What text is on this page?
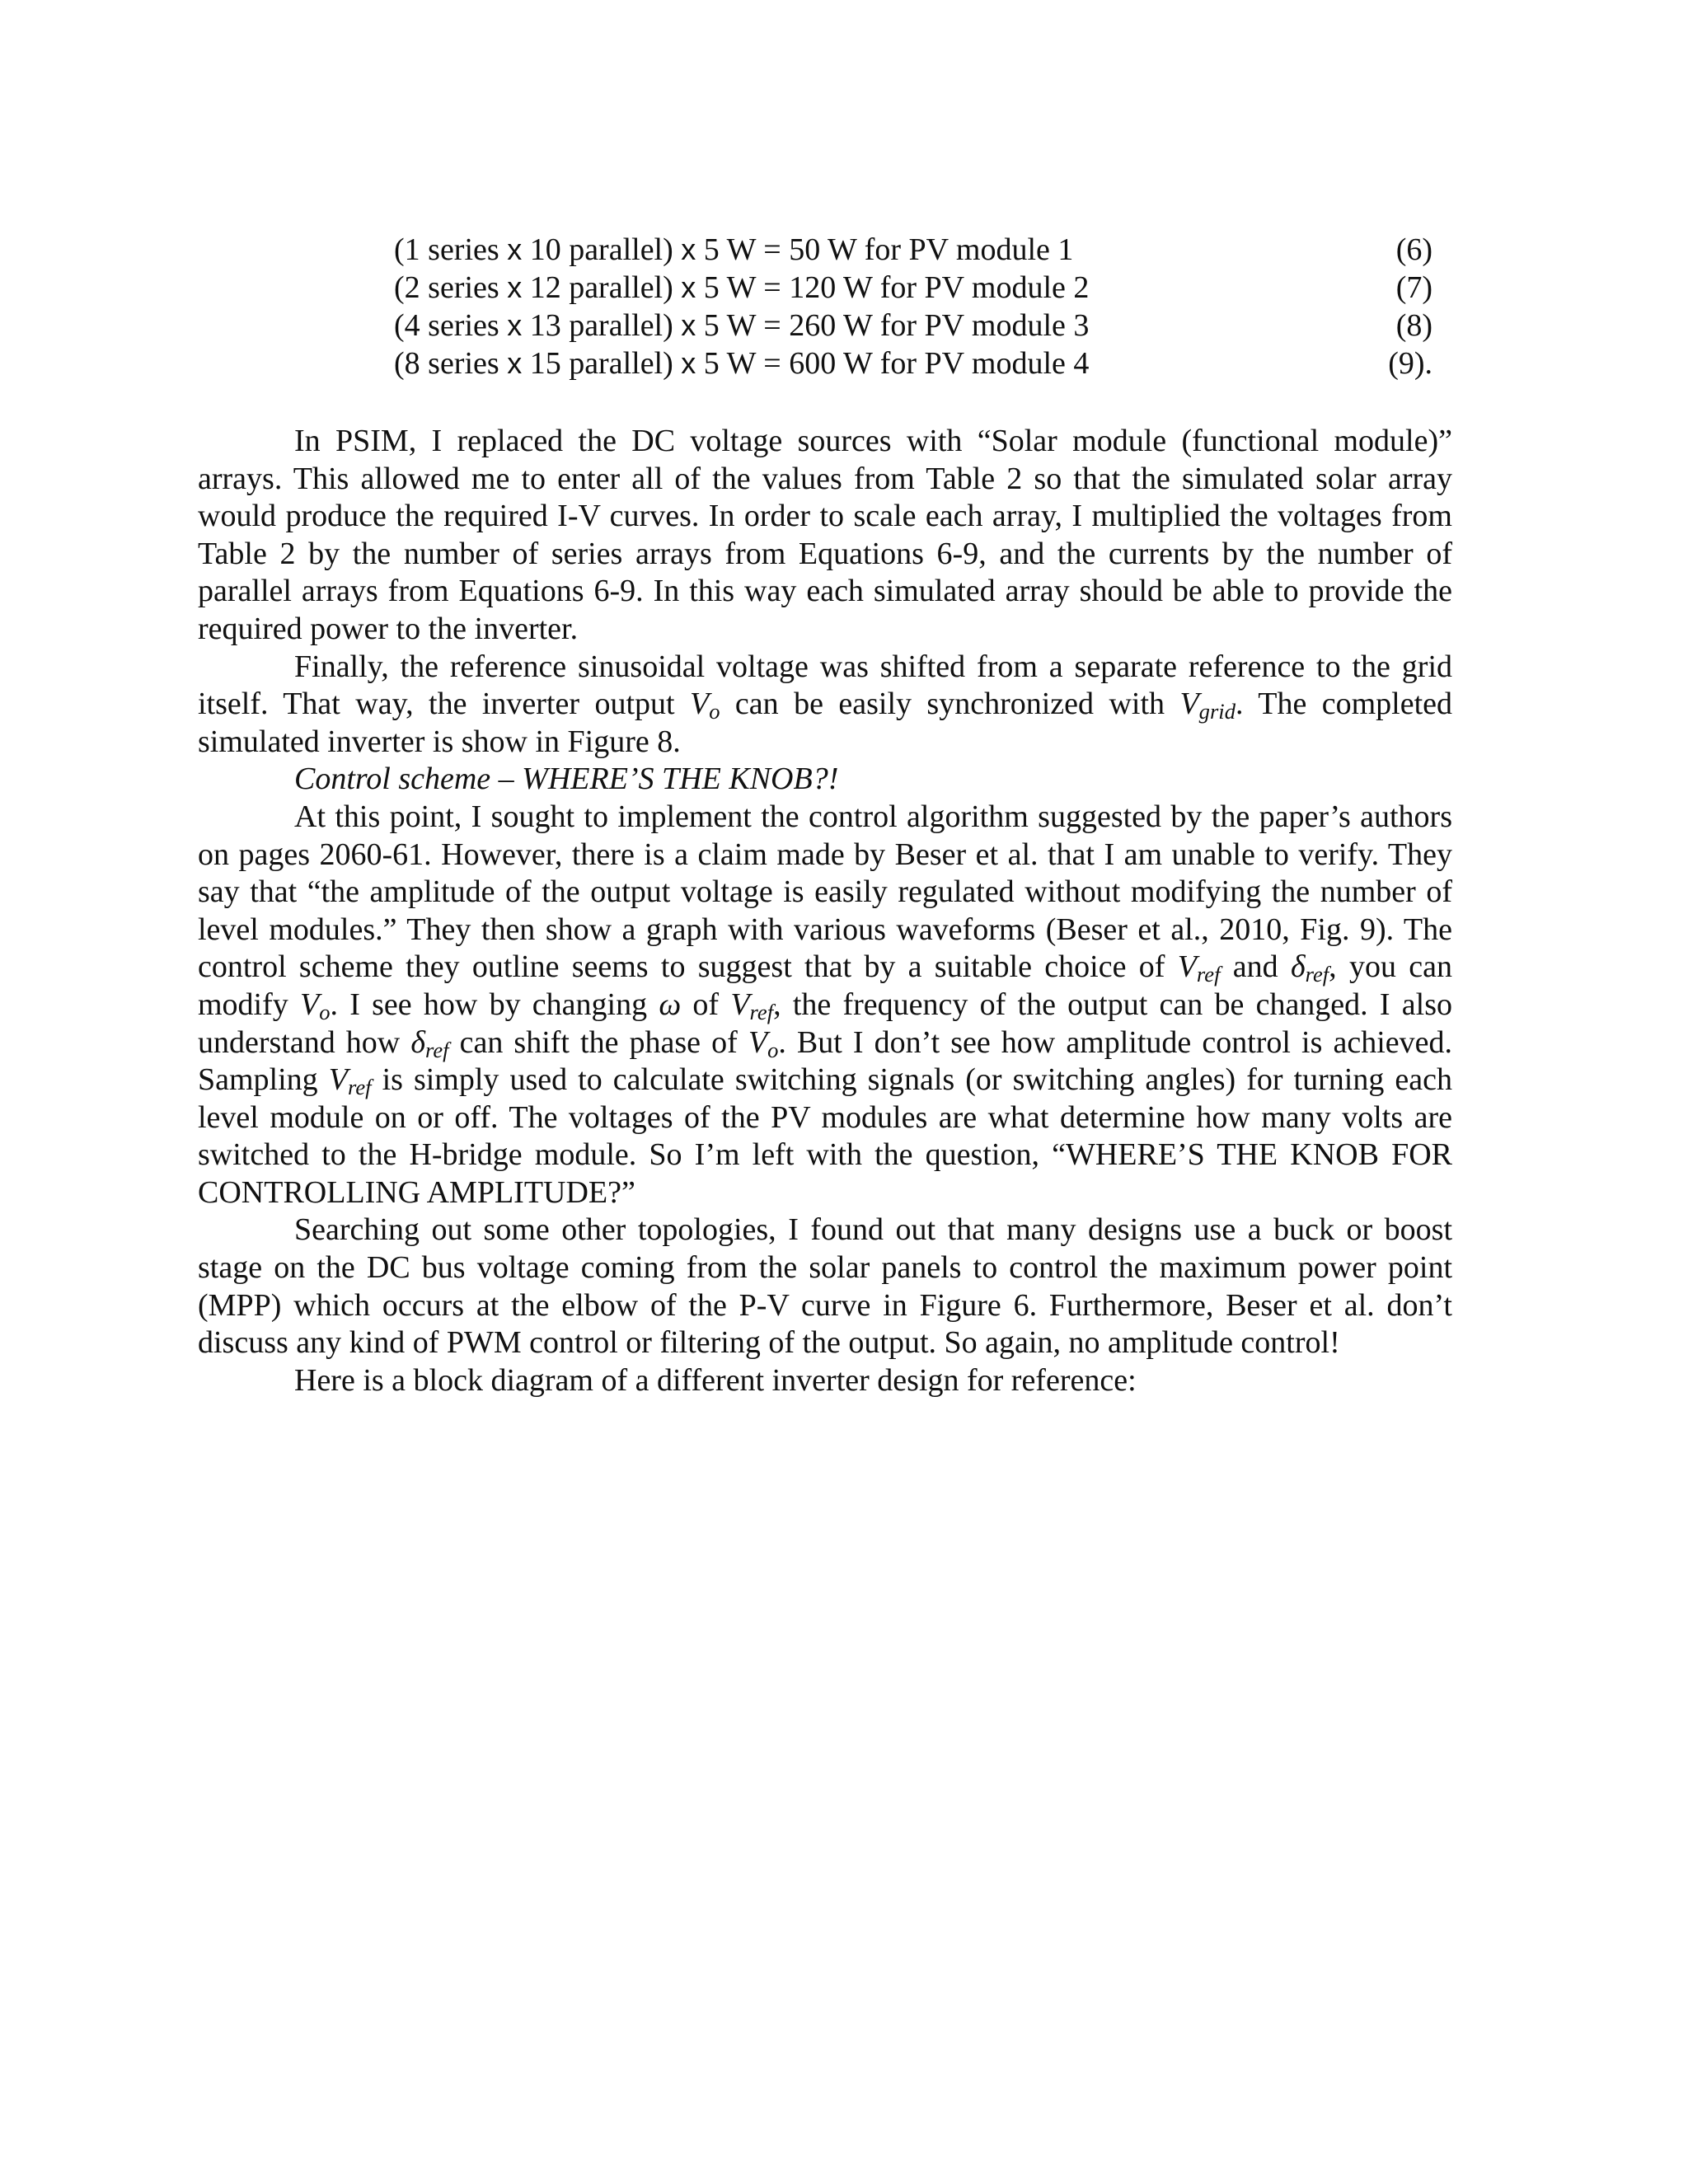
(1 series x 10 parallel) x 5 W = 50 W for PV module 1	(6)
(2 series x 12 parallel) x 5 W = 120 W for PV module 2	(7)
(4 series x 13 parallel) x 5 W = 260 W for PV module 3	(8)
(8 series x 15 parallel) x 5 W = 600 W for PV module 4	(9).

In PSIM, I replaced the DC voltage sources with “Solar module (functional module)” arrays. This allowed me to enter all of the values from Table 2 so that the simulated solar array would produce the required I-V curves. In order to scale each array, I multiplied the voltages from Table 2 by the number of series arrays from Equations 6-9, and the currents by the number of parallel arrays from Equations 6-9. In this way each simulated array should be able to provide the required power to the inverter.

Finally, the reference sinusoidal voltage was shifted from a separate reference to the grid itself. That way, the inverter output $V_o$ can be easily synchronized with $V_{grid}$. The completed simulated inverter is show in Figure 8.

Control scheme – WHERE’S THE KNOB?!

At this point, I sought to implement the control algorithm suggested by the paper’s authors on pages 2060-61. However, there is a claim made by Beser et al. that I am unable to verify. They say that “the amplitude of the output voltage is easily regulated without modifying the number of level modules.” They then show a graph with various waveforms (Beser et al., 2010, Fig. 9). The control scheme they outline seems to suggest that by a suitable choice of $V_{ref}$ and $\delta_{ref}$, you can modify $V_o$. I see how by changing ω of $V_{ref}$, the frequency of the output can be changed. I also understand how $\delta_{ref}$ can shift the phase of $V_o$. But I don’t see how amplitude control is achieved. Sampling $V_{ref}$ is simply used to calculate switching signals (or switching angles) for turning each level module on or off. The voltages of the PV modules are what determine how many volts are switched to the H-bridge module. So I’m left with the question, “WHERE’S THE KNOB FOR CONTROLLING AMPLITUDE?”

Searching out some other topologies, I found out that many designs use a buck or boost stage on the DC bus voltage coming from the solar panels to control the maximum power point (MPP) which occurs at the elbow of the P-V curve in Figure 6. Furthermore, Beser et al. don’t discuss any kind of PWM control or filtering of the output. So again, no amplitude control!

Here is a block diagram of a different inverter design for reference:
